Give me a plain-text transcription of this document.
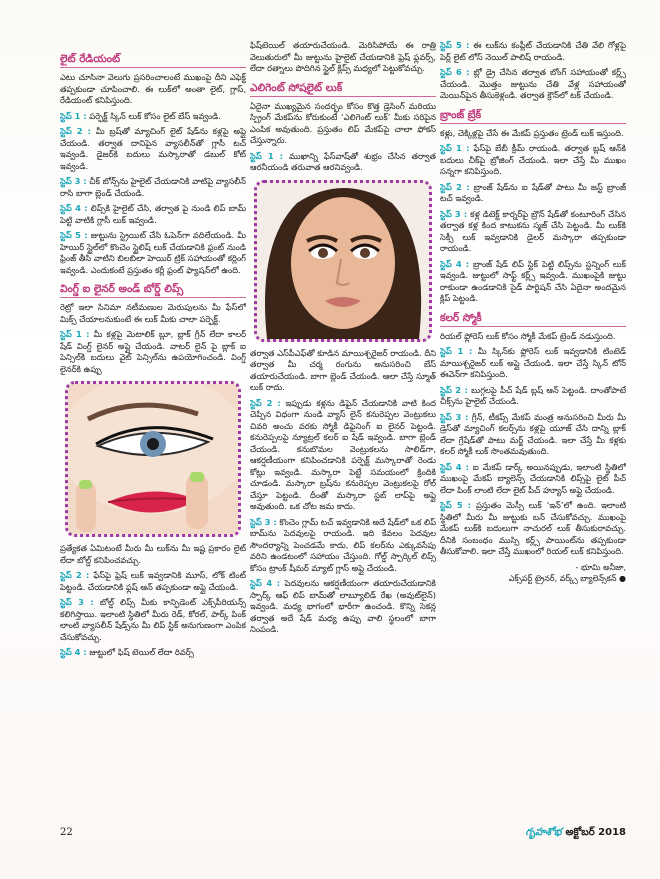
లైట్ రేడియంట్

ఎటు చూసినా వెలుగు ప్రసరించాలంటే ముఖంపై దీని ఎఫెక్ట్ తప్పకుండా చూపించాలి. ఈ లుక్‌లో అంతా లైట్, గ్లాస్, రేడియంట్ కనిపిస్తుంది.

స్టెప్ 1 : పర్ఫెక్ట్ స్కిన్ లుక్ కోసం లైట్ బేస్ ఇవ్వండి.

స్టెప్ 2 : మీ బ్రష్‌తో మ్యాచింగ్ లైట్ షేడ్‌ను కళ్లపై అప్లై చేయండి. తర్వాత దానిపైన వ్యాసలీన్‌తో గ్లాసీ టచ్ ఇవ్వండి. డైజర్‌కి బదులు మస్కారాతో డబుల్ కోట్ ఇవ్వండి.

స్టెప్ 3 : చీక్ బోన్స్‌ను హైలైట్ చేయడానికి వాటిపై వ్యాసలీన్ రాసి బాగా బ్లెండ్ చేయండి.

స్టెప్ 4 : లిప్స్‌కి హైలైట్ చేసి, తర్వాత పై నుండి లిప్ బామ్ పెట్టి వాటికి గ్లాసీ లుక్ ఇవ్వండి.

స్టెప్ 5 : జుట్టును స్ట్రెయిట్ చేసి ఓపెన్‌గా వదిలేయండి. మీ హెయిర్ స్టైల్‌లో కొంచెం స్టైలిష్ లుక్ చేయడానికి ఫ్రంట్ నుండి ఫ్రింజ్ తీసి వాటిని బిలబిలా హెయిర్ ట్రిక్ సహాయంతో కర్లింగ్ ఇవ్వండి. ఎందుకంటే ప్రస్తుతం కర్లీ ఫ్రంట్ ఫ్యాషన్‌లో ఉంది.

వింగ్డ్ ఐ లైనర్ అండ్ బోర్డ్ లిప్స్

రెట్రో ఇలా సినిమా నటీమణుల మెరుపులను మీ ఫేస్‌లో మిక్స్ చేయాలనుకుంటే ఈ లుక్ మీకు చాలా పర్ఫెక్ట్.

స్టెప్ 1 : మీ కళ్లపై మెటాలిక్ బ్లూ, బ్లాక్ గ్రీన్ లేదా కాలర్ షేడ్ వింగ్డ్ లైనర్ అప్లై చేయండి. వాటర్ లైన్ పై బ్లాక్ ఐ పెన్సిల్‌కి బదులు వైట్ పెన్సిల్‌ను ఉపయోగించండి. వింగ్డ్ లైనర్‌కి ఉప్పు

ప్రత్యేకత ఏమిటంటే మీరు మీ లుక్‌ను మీ ఇష్ట ప్రకారం లైట్ లేదా బోల్డ్ కనిపించవచ్చు.

స్టెప్ 2 : ఫేస్‌పై ఫ్రెష్ లుక్ ఇవ్వడానికి మూస్, లోక్ టింట్ పెట్టండి. చేయడానికి ఫ్లష్ ఆన్ తప్పకుండా అప్లై చేయండి.

స్టెప్ 3 : బోల్డ్ లిప్స్ మీకు కాన్ఫిడెంట్ ఎక్స్‌పీరియన్స్ కలిగిస్తాయి. ఇలాంటి స్థితిలో మీరు రెడ్, కోరల్, పార్క్ పింక్ లాంటి వ్యాసలీన్ షేడ్స్‌ను మీ లిప్ స్టిక్ అనుగుణంగా ఎంపిక చేసుకోవచ్చు.

స్టెప్ 4 : జుట్టులో ఫిష్ టెయిల్ లేదా రివర్స్

ఫిష్‌టెయిల్ తయారుచేయండి. మెరిసిపోయే ఈ రాత్రి వెలుతురులో మీ జుట్టును హైలైట్ చేయడానికి ఫ్రెష్ ఫ్లవర్స్, లేదా రత్నాలు పొదిగిన స్టైల్ క్లిప్స్ మధ్యలో పెట్టుకోవచ్చు.

ఎలిగెంట్ సోషలైట్ లుక్

ఏదైనా ముఖ్యమైన సందర్భం కోసం కొత్త డ్రెసింగ్ మరియు స్ప్రింగ్ మేకప్‌ను కోరుకుంటే ‘ఎలిగెంట్ లుక్’ మీకు సరిపైన ఎంపిక అవుతుంది. ప్రస్తుతం లిప్ మేకప్‌పై చాలా ఫోకస్ చేస్తున్నారు.

స్టెప్ 1 : ముఖాన్ని ఫేస్‌వాష్‌తో శుభ్రం చేసిన తర్వాత ఆరనీయండి తరువాత ఆరనివ్వండి.

తర్వాత ఎస్‌పీఎఫ్‌తో కూడిన మాయిశ్చరైజర్ రాయండి. దీని తర్వాత మీ చర్మ రంగును అనుసరించి బేస్ తయారుచేయండి. బాగా బ్లెండ్ చేయండి. ఆలా చేస్తే స్మూత్ లుక్ రాదు.

స్టెప్ 2 : ఇప్పుడు కళ్లను డిఫైన్ చేయడానికి వాటి కింద చెప్పిన విధంగా నుండి వ్యాస్ లైన్ కనురెప్పల వెంట్రుకలు చివరి అంచు వరకు స్మోకీ డిఫైనింగ్ ఐ లైనర్ పెట్టండి. కనురెప్పలపై న్యూట్రల్ కలర్ ఐ షేడ్ ఇవ్వండి. బాగా బ్లెండ్ చేయండి. కనుబొమల వెంట్రుకలను సాలిడ్‌గా, ఆకర్షణీయంగా కనిపించడానికి పర్ఫెక్ట్ మస్కారాతో రెండు కోట్లు ఇవ్వండి. మస్కారా పెట్టే సమయంలో క్రిందికి చూడండి. మస్కారా బ్రష్‌ను కనురెప్పల వెంట్రుకలపై రోల్ చేస్తూ పెట్టండి. దీంతో మస్కారా స్టబ్ లాప్‌పై అప్లై అవుతుంది. ఒక చోట జమ కాదు.

స్టెప్ 3 : కొంచెం గ్లామ్ టచ్ ఇవ్వడానికి అదే షేడ్‌లో ఒక లిప్ బామ్‌ను పెదవులపై రాయండి. ఇది కేవలం పెదవుల సౌందర్యాన్ని పెంచడమే కాదు, లిప్ కలర్‌ను ఎక్కువసేపు వరిని ఉండటంలో సహాయం చేస్తుంది. గోల్డ్ స్పార్కిల్ లిప్స్ కోసం ట్రాంక్ షీమర్ మ్యాట్ గ్లాస్ అప్లై చేయండి.

స్టెప్ 4 : పెదవులను ఆకర్షణీయంగా తయారుచేయడానికి స్పార్క్ ఆఫ్ లిప్ బామ్‌తో లాబ్యూలిడ్ రేఖ (అవుట్‌లైన్) ఇవ్వండి. మధ్య భాగంలో భారీగా ఉంచండి. కొన్ని సెకన్ల తర్వాత అదే షేడ్ మధ్య ఉప్పు వాలి స్థలంలో బాగా నింపండి.

స్టెప్ 5 : ఈ లుక్‌ను కంప్లీట్ చేయడానికి చేతి వేలి గోళ్లపై పెర్ల్ లైట్ లోస్ నెయిల్ పాలిష్ రాయండి.

స్టెప్ 6 : బ్లో డ్రై చేసిన తర్వాత బోంగ్ సహాయంతో కర్ల్స్ చేయండి. మొత్తం జుట్టును చేతి వేళ్ల సహాయంతో మెయిన్‌పైన తీసుకెళ్లండి. తర్వాత క్రౌన్‌లో టక్ చేయండి.

బ్రాంజ్ బ్రేక్

కళ్లు, చెక్కిళ్లపై చేసే ఈ మేకప్ ప్రస్తుతం ట్రెండ్ లుక్ ఇస్తుంది.

స్టెప్ 1 : ఫేస్‌పై బేబీ క్రీమ్ రాయండి. తర్వాత బ్లష్ ఆన్‌కి బదులు చీక్‌పై బ్రోజింగ్ చేయండి. ఇలా చేస్తే మీ ముఖం సన్నగా కనిపిస్తుంది.

స్టెప్ 2 : బ్రాంజ్ షేడ్‌ను ఐ షేడ్‌తో పాటు మీ జస్ట్ బ్రాంజ్ టచ్ ఇవ్వండి.

స్టెప్ 3 : కళ్ల డిటెక్ట్ కార్నర్‌పై బ్రౌన్ షేడ్‌తో కంటూరింగ్ చేసిన తర్వాత కళ్ల కింద కాటుకను స్మజ్ చేసి పెట్టండి. మీ లుక్‌కి సెక్సీ లుక్ ఇవ్వడానికి డైలర్ మస్కారా తప్పకుండా రాయండి.

స్టెప్ 4 : బ్రాంజ్ షేడ్ లిప్ స్టిక్ పెట్టి లిప్స్‌ను స్టన్నింగ్ లుక్ ఇవ్వండి. జుట్టులో సాఫ్ట్ కర్ల్స్ ఇవ్వండి. ముఖంపైకి జుట్టు రాకుండా ఉండడానికి సైడ్ పార్టిషన్ చేసి ఏదైనా అందమైన క్లిప్ పెట్టండి.

కలర్ స్మోకీ

రియల్ ఫ్లోరెస్ లుక్ కోసం స్మోకీ మేకప్ ట్రెండ్ నడుస్తుంది.

స్టెప్ 1 : మీ స్కిన్‌కు ఫ్లోరెస్ లుక్ ఇవ్వడానికి టింటెడ్ మాయిశ్చరైజర్ లుక్ అప్లై చేయండి. ఇలా చేస్తే స్కిన్ టోన్ ఈవెన్‌గా కనిపిస్తుంది.

స్టెప్ 2 : బుగ్గలపై పీచ్ షేడ్ బ్లష్ ఆన్ పెట్టండి. దాంతోపాటే చీక్స్‌ను హైలైట్ చేయండి.

స్టెప్ 3 : గ్రీన్, టీకప్స్ మేకప్ మంత్ర అనుసరించి మీరు మీ డ్రెస్‌తో మ్యాచింగ్ కలర్స్‌ను కళ్లపై యూజ్ చేసి దాన్ని బ్లాక్ లేదా గ్రేషేడ్‌తో పాటు మర్జ్ చేయండి. ఇలా చేస్తే మీ కళ్లకు కలర్ స్మోకీ లుక్ సొంతమవుతుంది.

స్టెప్ 4 : ఐ మేకప్ డార్క్ అయినప్పుడు, ఇలాంటి స్థితిలో ముఖంపై మేకప్ బ్యాలెన్స్ చేయడానికి లిప్స్‌పై లైట్ పీచ్ లేదా పింక్ లాంటి లేదా లైట్ పీచ్ హ్యూస్ అప్లై చేయండి.

స్టెప్ 5 : ప్రస్తుతం మెస్సీ లుక్ ‘ఇన్’లో ఉంది. ఇలాంటి స్థితిలో మీరు మీ జుట్టుకు బన్ చేసుకోవచ్చు. ముఖంపై మేకప్ లుక్‌కి బదులుగా నాచురల్ లుక్ తీసుకురావచ్చు. దీనికి సంబంధం ముస్సి కర్ల్స్ పాయింట్‌ను తప్పకుండా తీసుకోవాలి. ఇలా చేస్తే ముఖంలో రియల్ లుక్ కనిపిస్తుంది.

- భూమి అనీజా,
ఎక్స్‌పర్ట్ ట్రైనర్, వర్క్స్ బ్యాలెన్స్‌కన్ ●
22	గృహశోభ అక్టోబర్ 2018
